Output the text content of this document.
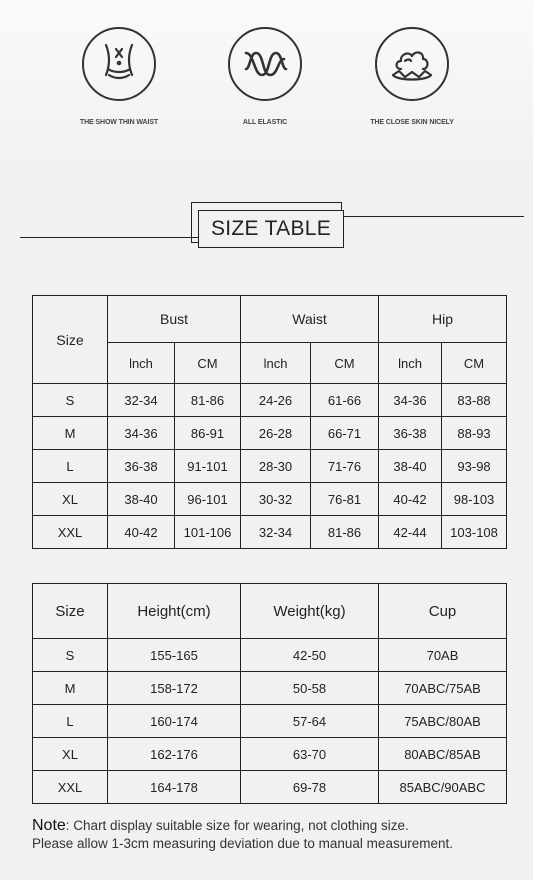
THE SHOW THIN WAIST	ALL ELASTIC	THE CLOSE SKIN NICELY
SIZE TABLE
Size	Bust		Waist		Hip	
	lnch	CM	lnch	CM	lnch	CM
S	32-34	81-86	24-26	61-66	34-36	83-88
M	34-36	86-91	26-28	66-71	36-38	88-93
L	36-38	91-101	28-30	71-76	38-40	93-98
XL	38-40	96-101	30-32	76-81	40-42	98-103
XXL	40-42	101-106	32-34	81-86	42-44	103-108
Size	Height(cm)	Weight(kg)	Cup
S	155-165	42-50	70AB
M	158-172	50-58	70ABC/75AB
L	160-174	57-64	75ABC/80AB
XL	162-176	63-70	80ABC/85AB
XXL	164-178	69-78	85ABC/90ABC
Note: Chart display suitable size for wearing, not clothing size.
Please allow 1-3cm measuring deviation due to manual measurement.
